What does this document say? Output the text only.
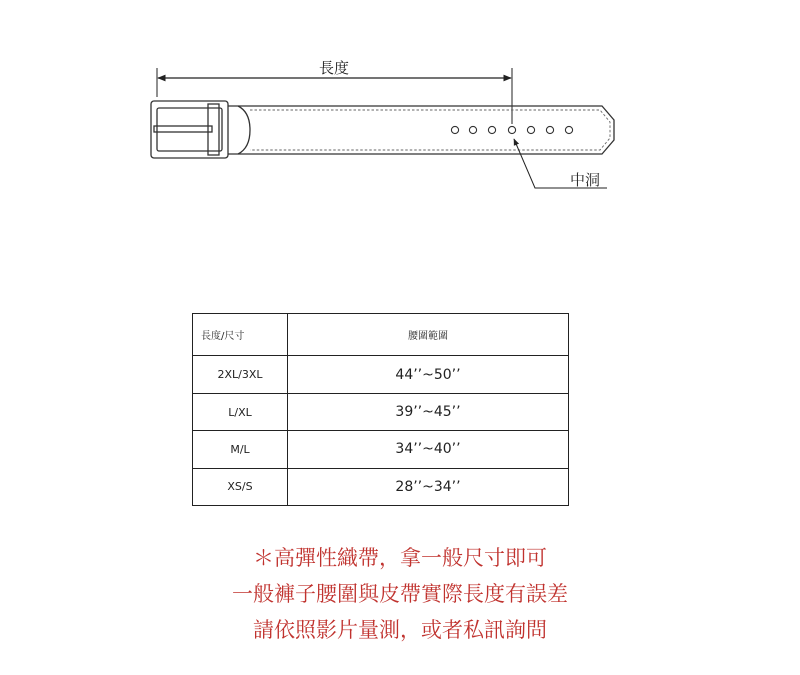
長度
中洞
長度/尺寸	腰圍範圍
2XL/3XL	44’’~50’’
L/XL	39’’~45’’
M/L	34’’~40’’
XS/S	28’’~34’’
＊高彈性織帶，拿一般尺寸即可
一般褲子腰圍與皮帶實際長度有誤差
請依照影片量測，或者私訊詢問
